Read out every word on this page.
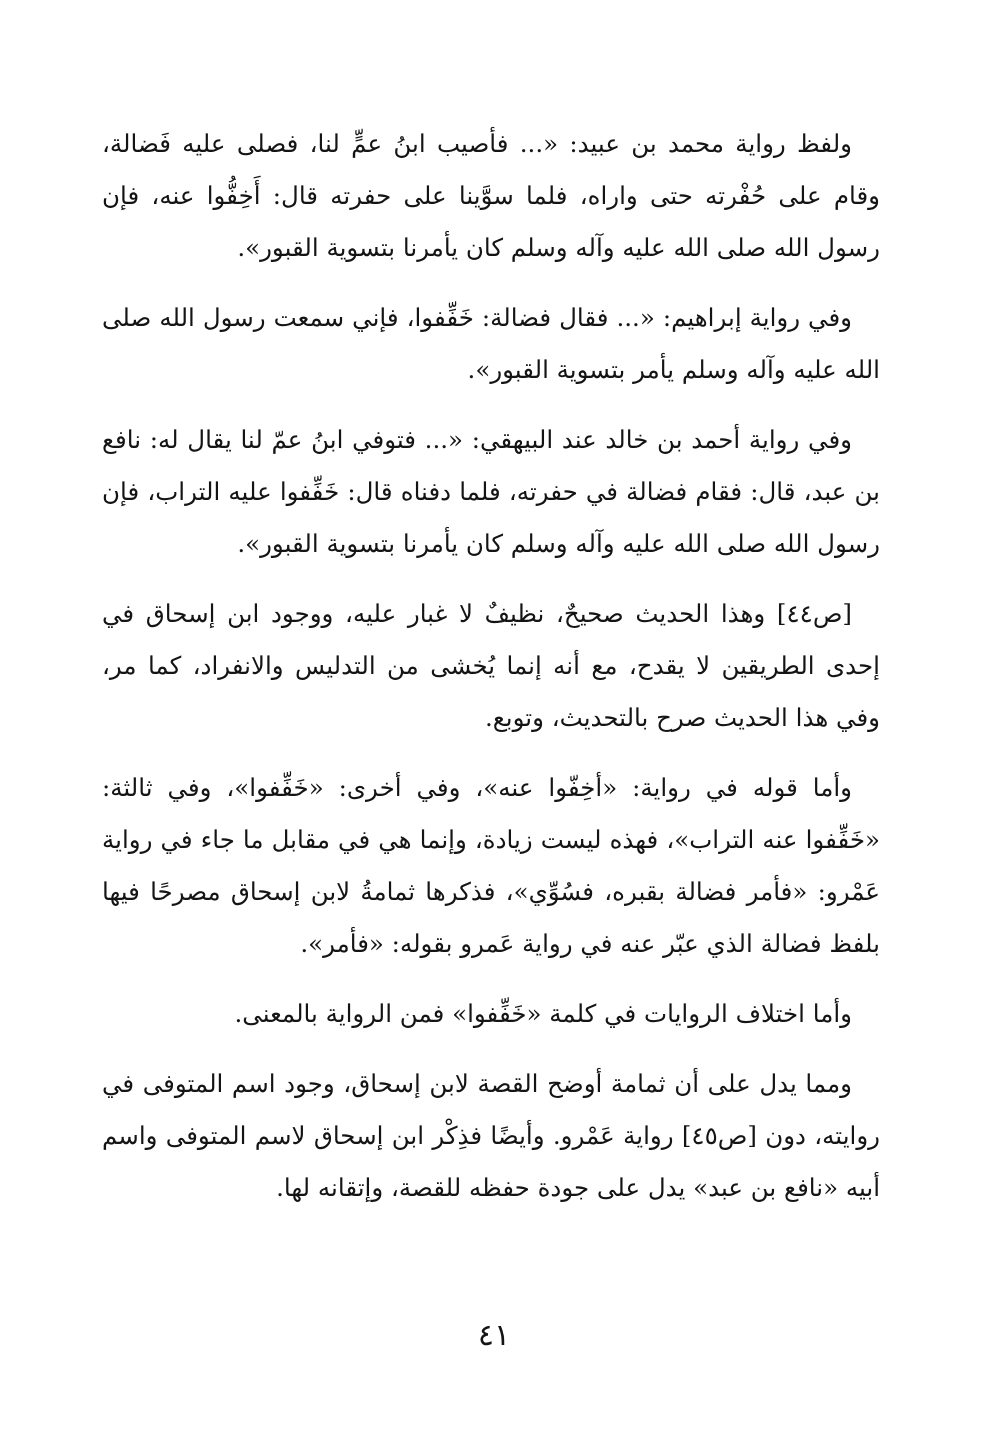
ولفظ رواية محمد بن عبيد: «... فأصيب ابنُ عمٍّ لنا، فصلى عليه فَضالة، وقام على حُفْرته حتى واراه، فلما سوَّينا على حفرته قال: أَخِفُّوا عنه، فإن رسول الله صلى الله عليه وآله وسلم كان يأمرنا بتسوية القبور».

وفي رواية إبراهيم: «... فقال فضالة: خَفِّفوا، فإني سمعت رسول الله صلى الله عليه وآله وسلم يأمر بتسوية القبور».

وفي رواية أحمد بن خالد عند البيهقي: «... فتوفي ابنُ عمّ لنا يقال له: نافع بن عبد، قال: فقام فضالة في حفرته، فلما دفناه قال: خَفِّفوا عليه التراب، فإن رسول الله صلى الله عليه وآله وسلم كان يأمرنا بتسوية القبور».

[ص٤٤] وهذا الحديث صحيحٌ، نظيفٌ لا غبار عليه، ووجود ابن إسحاق في إحدى الطريقين لا يقدح، مع أنه إنما يُخشى من التدليس والانفراد، كما مر، وفي هذا الحديث صرح بالتحديث، وتوبع.

وأما قوله في رواية: «أخِفّوا عنه»، وفي أخرى: «خَفِّفوا»، وفي ثالثة: «خَفِّفوا عنه التراب»، فهذه ليست زيادة، وإنما هي في مقابل ما جاء في رواية عَمْرو: «فأمر فضالة بقبره، فسُوِّي»، فذكرها ثمامةُ لابن إسحاق مصرحًا فيها بلفظ فضالة الذي عبّر عنه في رواية عَمرو بقوله: «فأمر».

وأما اختلاف الروايات في كلمة «خَفِّفوا» فمن الرواية بالمعنى.

ومما يدل على أن ثمامة أوضح القصة لابن إسحاق، وجود اسم المتوفى في روايته، دون [ص٤٥] رواية عَمْرو. وأيضًا فذِكْر ابن إسحاق لاسم المتوفى واسم أبيه «نافع بن عبد» يدل على جودة حفظه للقصة، وإتقانه لها.

٤١
